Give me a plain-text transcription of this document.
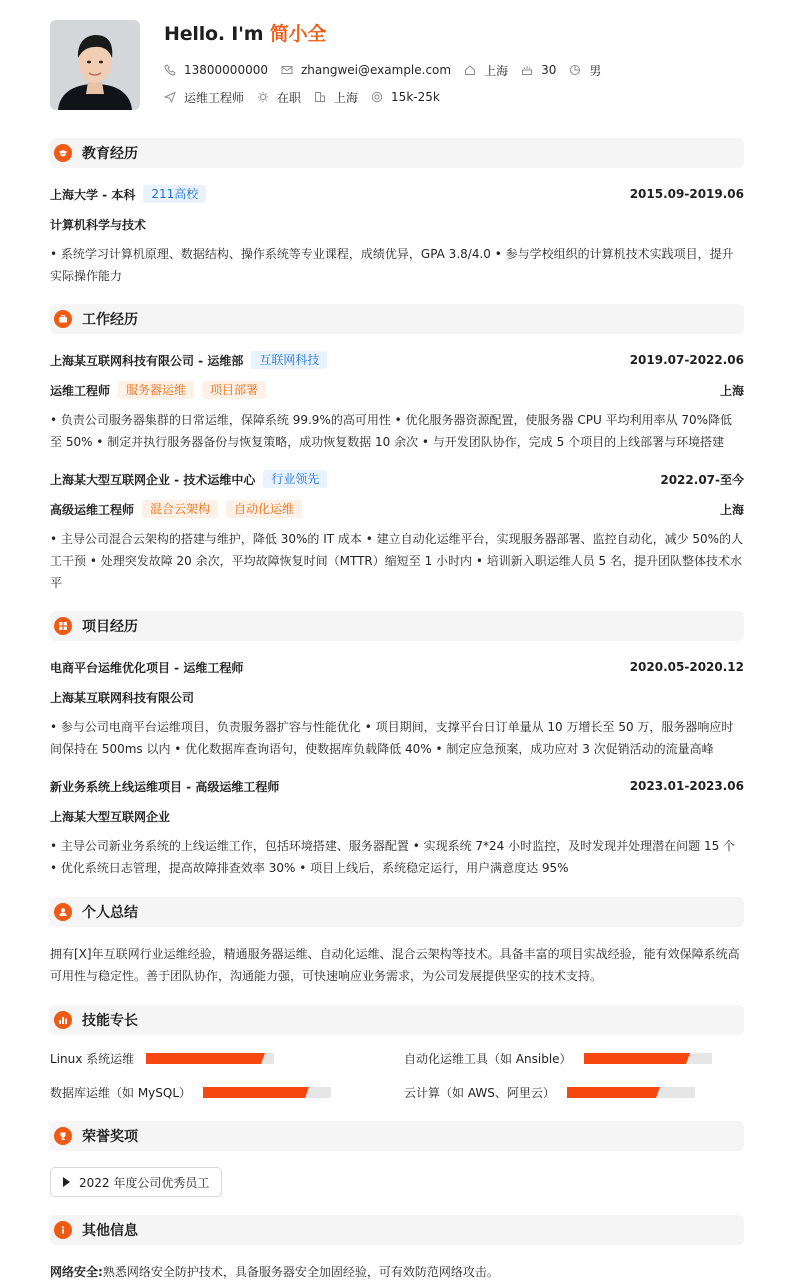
Hello. I'm 简小全
13800000000	zhangwei@example.com	上海	30	男
运维工程师	在职	上海	15k-25k
教育经历
上海大学 - 本科	211高校	2015.09-2019.06
计算机科学与技术
• 系统学习计算机原理、数据结构、操作系统等专业课程，成绩优异，GPA 3.8/4.0 • 参与学校组织的计算机技术实践项目，提升实际操作能力
工作经历
上海某互联网科技有限公司 - 运维部	互联网科技	2019.07-2022.06
运维工程师	服务器运维	项目部署	上海
• 负责公司服务器集群的日常运维，保障系统 99.9%的高可用性 • 优化服务器资源配置，使服务器 CPU 平均利用率从 70%降低至 50% • 制定并执行服务器备份与恢复策略，成功恢复数据 10 余次 • 与开发团队协作，完成 5 个项目的上线部署与环境搭建
上海某大型互联网企业 - 技术运维中心	行业领先	2022.07-至今
高级运维工程师	混合云架构	自动化运维	上海
• 主导公司混合云架构的搭建与维护，降低 30%的 IT 成本 • 建立自动化运维平台，实现服务器部署、监控自动化，减少 50%的人工干预 • 处理突发故障 20 余次，平均故障恢复时间（MTTR）缩短至 1 小时内 • 培训新入职运维人员 5 名，提升团队整体技术水平
项目经历
电商平台运维优化项目 - 运维工程师	2020.05-2020.12
上海某互联网科技有限公司
• 参与公司电商平台运维项目，负责服务器扩容与性能优化 • 项目期间，支撑平台日订单量从 10 万增长至 50 万，服务器响应时间保持在 500ms 以内 • 优化数据库查询语句，使数据库负载降低 40% • 制定应急预案，成功应对 3 次促销活动的流量高峰
新业务系统上线运维项目 - 高级运维工程师	2023.01-2023.06
上海某大型互联网企业
• 主导公司新业务系统的上线运维工作，包括环境搭建、服务器配置 • 实现系统 7*24 小时监控，及时发现并处理潜在问题 15 个 • 优化系统日志管理，提高故障排查效率 30% • 项目上线后，系统稳定运行，用户满意度达 95%
个人总结
拥有[X]年互联网行业运维经验，精通服务器运维、自动化运维、混合云架构等技术。具备丰富的项目实战经验，能有效保障系统高可用性与稳定性。善于团队协作，沟通能力强，可快速响应业务需求，为公司发展提供坚实的技术支持。
技能专长
Linux 系统运维	自动化运维工具（如 Ansible）
数据库运维（如 MySQL）	云计算（如 AWS、阿里云）
荣誉奖项
2022 年度公司优秀员工
其他信息
网络安全:熟悉网络安全防护技术，具备服务器安全加固经验，可有效防范网络攻击。
